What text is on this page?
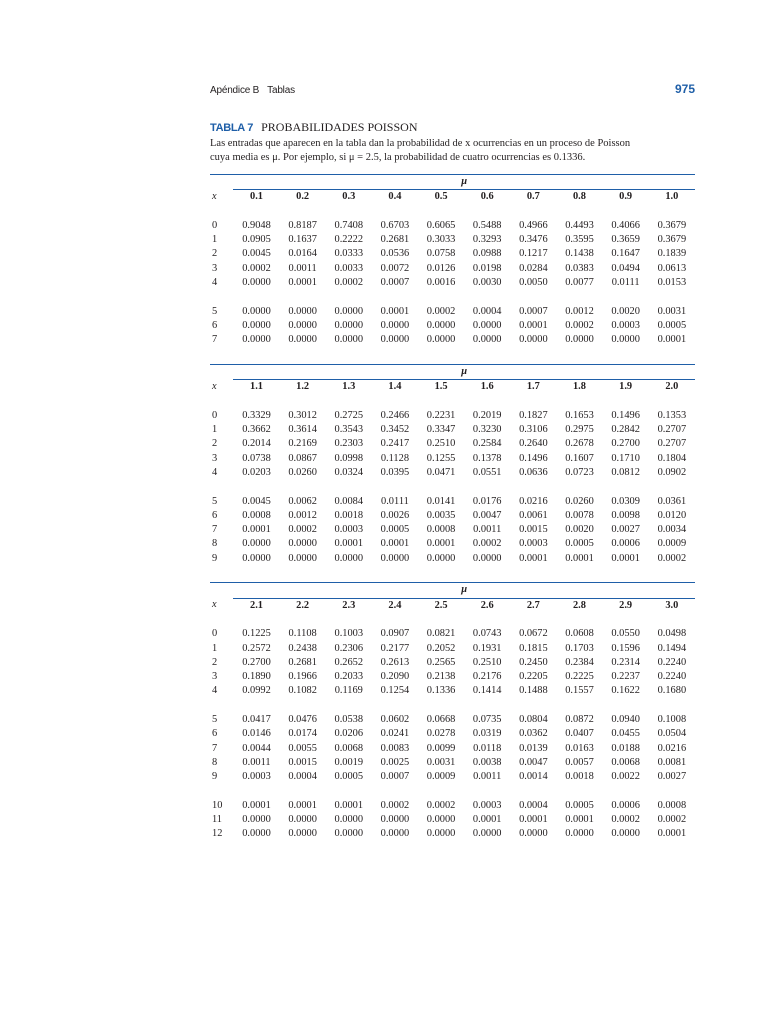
Apéndice B Tablas	975
TABLA 7 PROBABILIDADES POISSON
Las entradas que aparecen en la tabla dan la probabilidad de x ocurrencias en un proceso de Poisson
cuya media es μ. Por ejemplo, si μ = 2.5, la probabilidad de cuatro ocurrencias es 0.1336.
	μ									
x	0.1	0.2	0.3	0.4	0.5	0.6	0.7	0.8	0.9	1.0

0	0.9048	0.8187	0.7408	0.6703	0.6065	0.5488	0.4966	0.4493	0.4066	0.3679
1	0.0905	0.1637	0.2222	0.2681	0.3033	0.3293	0.3476	0.3595	0.3659	0.3679
2	0.0045	0.0164	0.0333	0.0536	0.0758	0.0988	0.1217	0.1438	0.1647	0.1839
3	0.0002	0.0011	0.0033	0.0072	0.0126	0.0198	0.0284	0.0383	0.0494	0.0613
4	0.0000	0.0001	0.0002	0.0007	0.0016	0.0030	0.0050	0.0077	0.0111	0.0153

5	0.0000	0.0000	0.0000	0.0001	0.0002	0.0004	0.0007	0.0012	0.0020	0.0031
6	0.0000	0.0000	0.0000	0.0000	0.0000	0.0000	0.0001	0.0002	0.0003	0.0005
7	0.0000	0.0000	0.0000	0.0000	0.0000	0.0000	0.0000	0.0000	0.0000	0.0001

	μ									
x	1.1	1.2	1.3	1.4	1.5	1.6	1.7	1.8	1.9	2.0

0	0.3329	0.3012	0.2725	0.2466	0.2231	0.2019	0.1827	0.1653	0.1496	0.1353
1	0.3662	0.3614	0.3543	0.3452	0.3347	0.3230	0.3106	0.2975	0.2842	0.2707
2	0.2014	0.2169	0.2303	0.2417	0.2510	0.2584	0.2640	0.2678	0.2700	0.2707
3	0.0738	0.0867	0.0998	0.1128	0.1255	0.1378	0.1496	0.1607	0.1710	0.1804
4	0.0203	0.0260	0.0324	0.0395	0.0471	0.0551	0.0636	0.0723	0.0812	0.0902

5	0.0045	0.0062	0.0084	0.0111	0.0141	0.0176	0.0216	0.0260	0.0309	0.0361
6	0.0008	0.0012	0.0018	0.0026	0.0035	0.0047	0.0061	0.0078	0.0098	0.0120
7	0.0001	0.0002	0.0003	0.0005	0.0008	0.0011	0.0015	0.0020	0.0027	0.0034
8	0.0000	0.0000	0.0001	0.0001	0.0001	0.0002	0.0003	0.0005	0.0006	0.0009
9	0.0000	0.0000	0.0000	0.0000	0.0000	0.0000	0.0001	0.0001	0.0001	0.0002

	μ									
x	2.1	2.2	2.3	2.4	2.5	2.6	2.7	2.8	2.9	3.0

0	0.1225	0.1108	0.1003	0.0907	0.0821	0.0743	0.0672	0.0608	0.0550	0.0498
1	0.2572	0.2438	0.2306	0.2177	0.2052	0.1931	0.1815	0.1703	0.1596	0.1494
2	0.2700	0.2681	0.2652	0.2613	0.2565	0.2510	0.2450	0.2384	0.2314	0.2240
3	0.1890	0.1966	0.2033	0.2090	0.2138	0.2176	0.2205	0.2225	0.2237	0.2240
4	0.0992	0.1082	0.1169	0.1254	0.1336	0.1414	0.1488	0.1557	0.1622	0.1680

5	0.0417	0.0476	0.0538	0.0602	0.0668	0.0735	0.0804	0.0872	0.0940	0.1008
6	0.0146	0.0174	0.0206	0.0241	0.0278	0.0319	0.0362	0.0407	0.0455	0.0504
7	0.0044	0.0055	0.0068	0.0083	0.0099	0.0118	0.0139	0.0163	0.0188	0.0216
8	0.0011	0.0015	0.0019	0.0025	0.0031	0.0038	0.0047	0.0057	0.0068	0.0081
9	0.0003	0.0004	0.0005	0.0007	0.0009	0.0011	0.0014	0.0018	0.0022	0.0027

10	0.0001	0.0001	0.0001	0.0002	0.0002	0.0003	0.0004	0.0005	0.0006	0.0008
11	0.0000	0.0000	0.0000	0.0000	0.0000	0.0001	0.0001	0.0001	0.0002	0.0002
12	0.0000	0.0000	0.0000	0.0000	0.0000	0.0000	0.0000	0.0000	0.0000	0.0001
